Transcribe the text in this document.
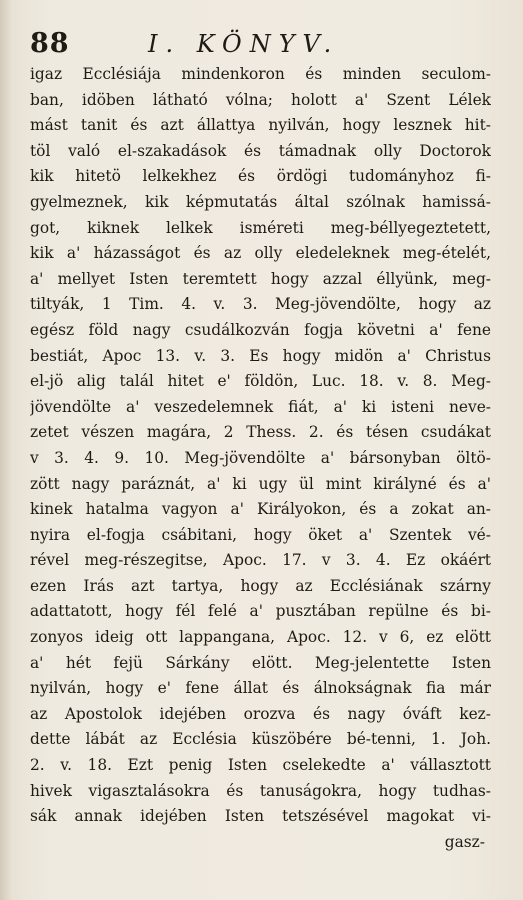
88	I. KÖNYV.
igaz Ecclésiája mindenkoron és minden seculom-
ban, idöben látható vólna; holott a' Szent Lélek
mást tanit és azt állattya nyilván, hogy lesznek hit-
töl való el-szakadások és támadnak olly Doctorok
kik hitetö lelkekhez és ördögi tudományhoz fi-
gyelmeznek, kik képmutatás által szólnak hamissá-
got, kiknek lelkek isméreti meg-béllyegeztetett,
kik a' házasságot és az olly eledeleknek meg-ételét,
a' mellyet Isten teremtett hogy azzal éllyünk, meg-
tiltyák, 1 Tim. 4. v. 3. Meg-jövendölte, hogy az
egész föld nagy csudálkozván fogja követni a' fene
bestiát, Apoc 13. v. 3. Es hogy midön a' Christus
el-jö alig talál hitet e' földön, Luc. 18. v. 8. Meg-
jövendölte a' veszedelemnek fiát, a' ki isteni neve-
zetet vészen magára, 2 Thess. 2. és tésen csudákat
v 3. 4. 9. 10. Meg-jövendölte a' bársonyban öltö-
zött nagy paráznát, a' ki ugy ül mint királyné és a'
kinek hatalma vagyon a' Királyokon, és a zokat an-
nyira el-fogja csábitani, hogy öket a' Szentek vé-
rével meg-részegitse, Apoc. 17. v 3. 4. Ez okáért
ezen Irás azt tartya, hogy az Ecclésiának szárny
adattatott, hogy fél felé a' pusztában repülne és bi-
zonyos ideig ott lappangana, Apoc. 12. v 6, ez elött
a' hét fejü Sárkány elött. Meg-jelentette Isten
nyilván, hogy e' fene állat és álnokságnak fia már
az Apostolok idejében orozva és nagy óváft kez-
dette lábát az Ecclésia küszöbére bé-tenni, 1. Joh.
2. v. 18. Ezt penig Isten cselekedte a' vállasztott
hivek vigasztalásokra és tanuságokra, hogy tudhas-
sák annak idejében Isten tetszésével magokat vi-
gasz-
